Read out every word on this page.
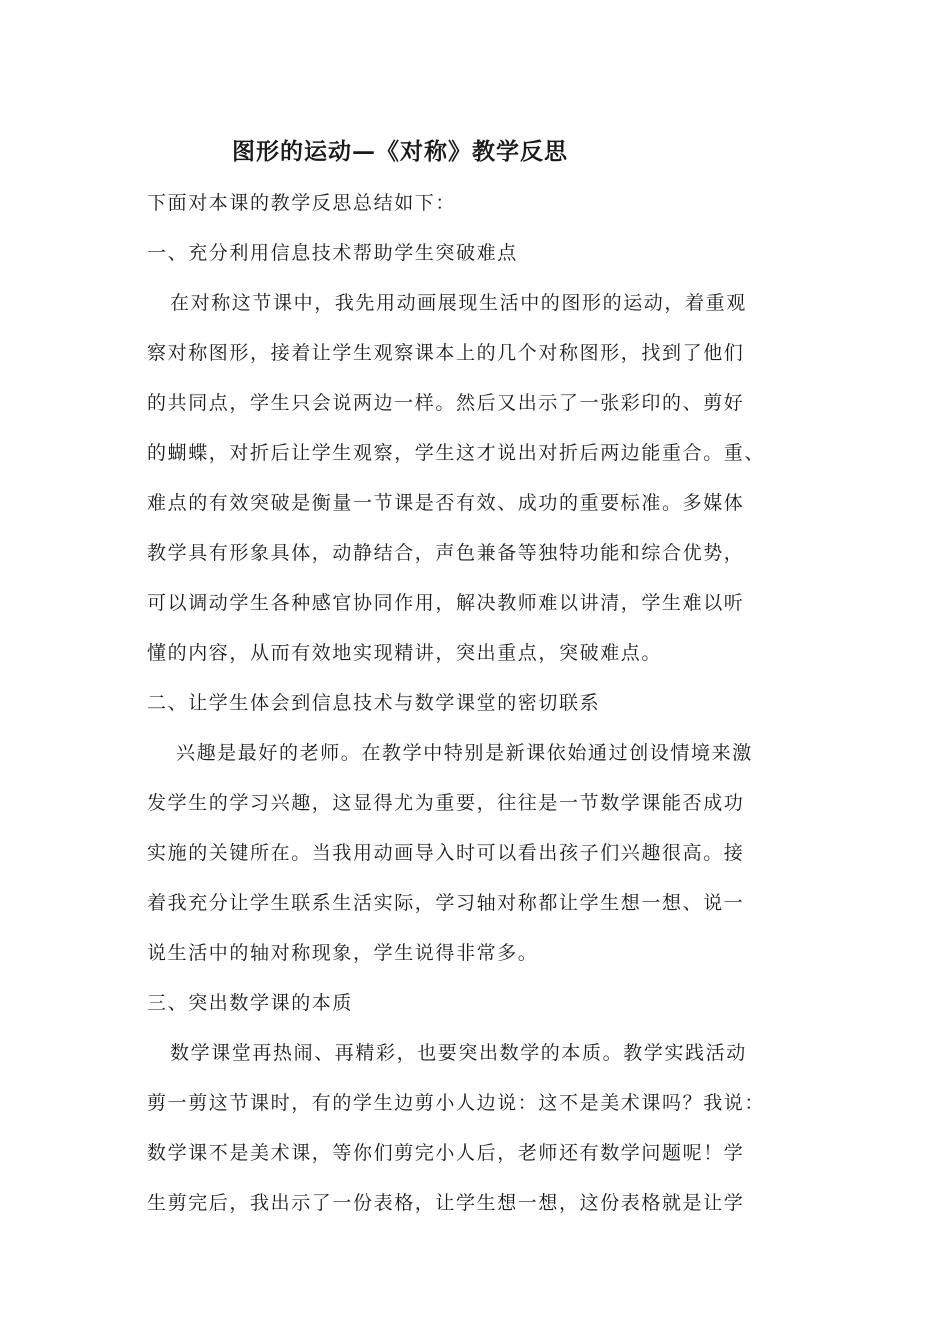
图形的运动—《对称》教学反思
下面对本课的教学反思总结如下：
一、充分利用信息技术帮助学生突破难点
在对称这节课中，我先用动画展现生活中的图形的运动，着重观
察对称图形，接着让学生观察课本上的几个对称图形，找到了他们
的共同点，学生只会说两边一样。然后又出示了一张彩印的、剪好
的蝴蝶，对折后让学生观察，学生这才说出对折后两边能重合。重、
难点的有效突破是衡量一节课是否有效、成功的重要标准。多媒体
教学具有形象具体，动静结合，声色兼备等独特功能和综合优势，
可以调动学生各种感官协同作用，解决教师难以讲清，学生难以听
懂的内容，从而有效地实现精讲，突出重点，突破难点。
二、让学生体会到信息技术与数学课堂的密切联系
兴趣是最好的老师。在教学中特别是新课依始通过创设情境来激
发学生的学习兴趣，这显得尤为重要，往往是一节数学课能否成功
实施的关键所在。当我用动画导入时可以看出孩子们兴趣很高。接
着我充分让学生联系生活实际，学习轴对称都让学生想一想、说一
说生活中的轴对称现象，学生说得非常多。
三、突出数学课的本质
数学课堂再热闹、再精彩，也要突出数学的本质。教学实践活动
剪一剪这节课时，有的学生边剪小人边说：这不是美术课吗？我说：
数学课不是美术课，等你们剪完小人后，老师还有数学问题呢！学
生剪完后，我出示了一份表格，让学生想一想，这份表格就是让学
